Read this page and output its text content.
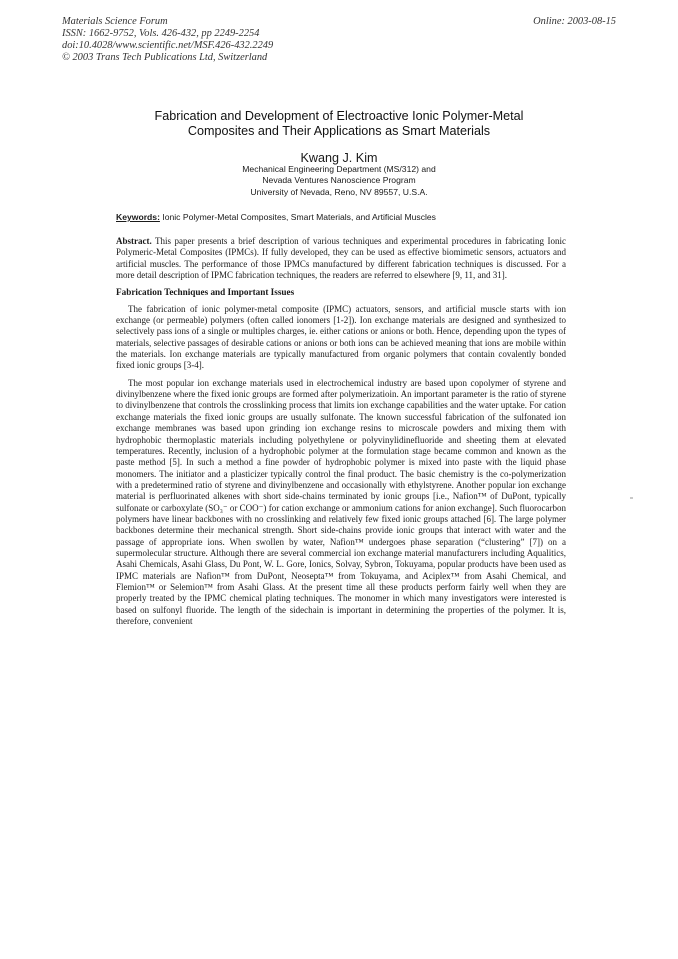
Materials Science Forum
ISSN: 1662-9752, Vols. 426-432, pp 2249-2254
doi:10.4028/www.scientific.net/MSF.426-432.2249
© 2003 Trans Tech Publications Ltd, Switzerland
Online: 2003-08-15
Fabrication and Development of Electroactive Ionic Polymer-Metal
Composites and Their Applications as Smart Materials
Kwang J. Kim
Mechanical Engineering Department (MS/312) and
Nevada Ventures Nanoscience Program
University of Nevada, Reno, NV 89557, U.S.A.
Keywords: Ionic Polymer-Metal Composites, Smart Materials, and Artificial Muscles

Abstract. This paper presents a brief description of various techniques and experimental procedures in fabricating Ionic Polymeric-Metal Composites (IPMCs). If fully developed, they can be used as effective biomimetic sensors, actuators and artificial muscles. The performance of those IPMCs manufactured by different fabrication techniques is discussed. For a more detail description of IPMC fabrication techniques, the readers are referred to elsewhere [9, 11, and 31].

Fabrication Techniques and Important Issues

The fabrication of ionic polymer-metal composite (IPMC) actuators, sensors, and artificial muscle starts with ion exchange (or permeable) polymers (often called ionomers [1-2]). Ion exchange materials are designed and synthesized to selectively pass ions of a single or multiples charges, ie. either cations or anions or both. Hence, depending upon the types of materials, selective passages of desirable cations or anions or both ions can be achieved meaning that ions are mobile within the materials. Ion exchange materials are typically manufactured from organic polymers that contain covalently bonded fixed ionic groups [3-4].

The most popular ion exchange materials used in electrochemical industry are based upon copolymer of styrene and divinylbenzene where the fixed ionic groups are formed after polymerizatioin. An important parameter is the ratio of styrene to divinylbenzene that controls the crosslinking process that limits ion exchange capabilities and the water uptake. For cation exchange materials the fixed ionic groups are usually sulfonate. The known successful fabrication of the sulfonated ion exchange membranes was based upon grinding ion exchange resins to microscale powders and mixing them with hydrophobic thermoplastic materials including polyethylene or polyvinylidinefluoride and sheeting them at elevated temperatures. Recently, inclusion of a hydrophobic polymer at the formulation stage became common and known as the paste method [5]. In such a method a fine powder of hydrophobic polymer is mixed into paste with the liquid phase monomers. The initiator and a plasticizer typically control the final product. The basic chemistry is the co-polymerization with a predetermined ratio of styrene and divinylbenzene and occasionally with ethylstyrene. Another popular ion exchange material is perfluorinated alkenes with short side-chains terminated by ionic groups [i.e., Nafion™ of DuPont, typically sulfonate or carboxylate (SO₃⁻ or COO⁻) for cation exchange or ammonium cations for anion exchange]. Such fluorocarbon polymers have linear backbones with no crosslinking and relatively few fixed ionic groups attached [6]. The large polymer backbones determine their mechanical strength. Short side-chains provide ionic groups that interact with water and the passage of appropriate ions. When swollen by water, Nafion™ undergoes phase separation (“clustering” [7]) on a supermolecular structure. Although there are several commercial ion exchange material manufacturers including Aqualitics, Asahi Chemicals, Asahi Glass, Du Pont, W. L. Gore, Ionics, Solvay, Sybron, Tokuyama, popular products have been used as IPMC materials are Nafion™ from DuPont, Neosepta™ from Tokuyama, and Aciplex™ from Asahi Chemical, and Flemion™ or Selemion™ from Asahi Glass. At the present time all these products perform fairly well when they are properly treated by the IPMC chemical plating techniques. The monomer in which many investigators were interested is based on sulfonyl fluoride. The length of the sidechain is important in determining the properties of the polymer. It is, therefore, convenient
